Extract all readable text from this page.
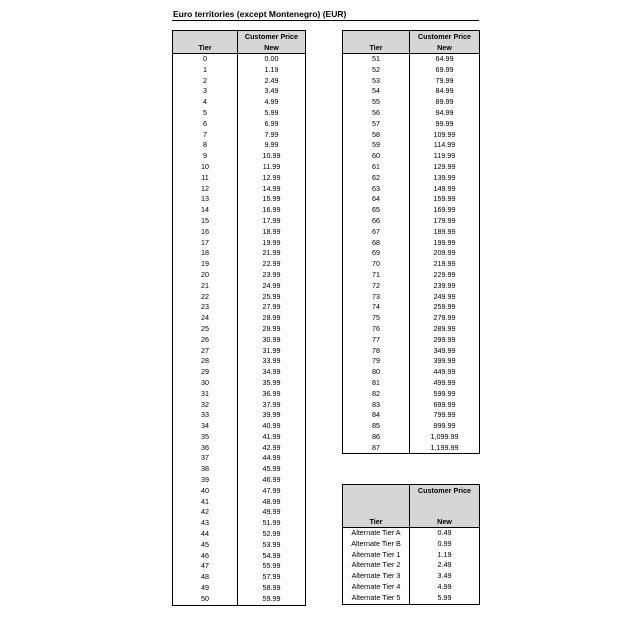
Euro territories (except Montenegro) (EUR)
	Customer Price
Tier	New
0	0.00
1	1.19
2	2.49
3	3.49
4	4.99
5	5.99
6	6.99
7	7.99
8	9.99
9	10.99
10	11.99
11	12.99
12	14.99
13	15.99
14	16.99
15	17.99
16	18.99
17	19.99
18	21.99
19	22.99
20	23.99
21	24.99
22	25.99
23	27.99
24	28.99
25	29.99
26	30.99
27	31.99
28	33.99
29	34.99
30	35.99
31	36.99
32	37.99
33	39.99
34	40.99
35	41.99
36	42.99
37	44.99
38	45.99
39	46.99
40	47.99
41	48.99
42	49.99
43	51.99
44	52.99
45	53.99
46	54.99
47	55.99
48	57.99
49	58.99
50	59.99
	Customer Price
Tier	New
51	64.99
52	69.99
53	79.99
54	84.99
55	89.99
56	94.99
57	99.99
58	109.99
59	114.99
60	119.99
61	129.99
62	139.99
63	149.99
64	159.99
65	169.99
66	179.99
67	189.99
68	199.99
69	209.99
70	219.99
71	229.99
72	239.99
73	249.99
74	259.99
75	279.99
76	289.99
77	299.99
78	349.99
79	399.99
80	449.99
81	499.99
82	599.99
83	699.99
84	799.99
85	999.99
86	1,099.99
87	1,199.99
	Customer Price

Tier	New
Alternate Tier A	0.49
Alternate Tier B	0.99
Alternate Tier 1	1.19
Alternate Tier 2	2.49
Alternate Tier 3	3.49
Alternate Tier 4	4.99
Alternate Tier 5	5.99
